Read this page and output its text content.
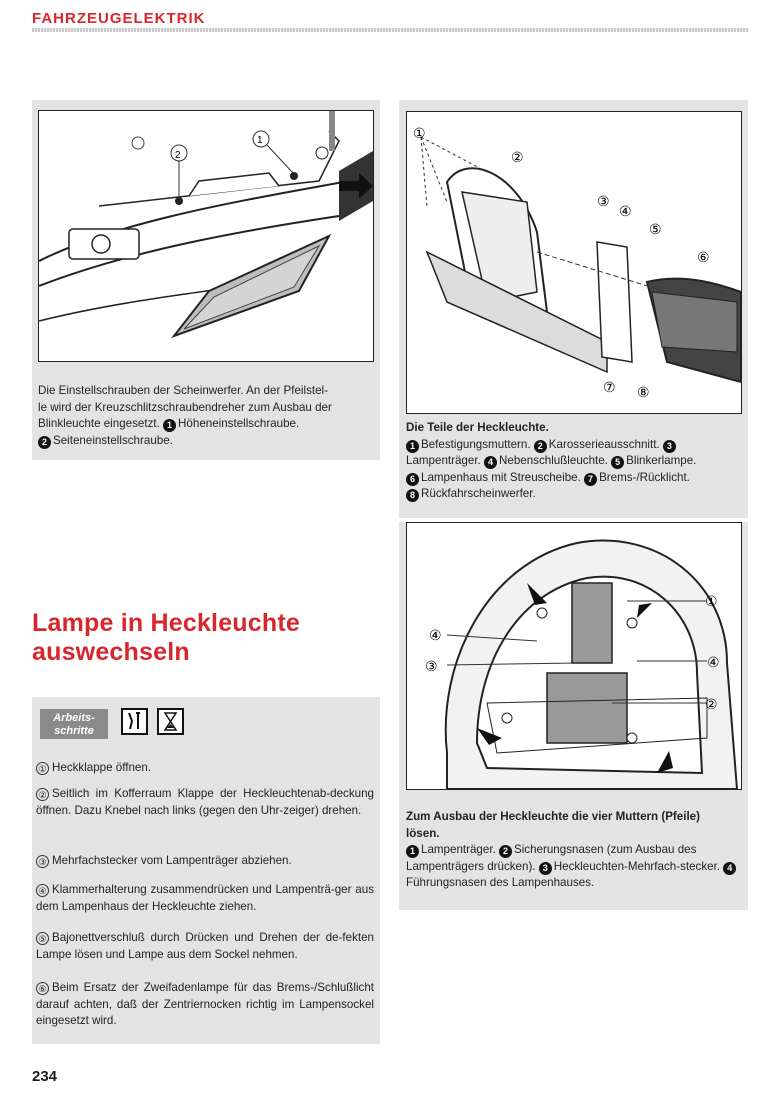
FAHRZEUGELEKTRIK
2
1
Die Einstellschrauben der Scheinwerfer. An der Pfeilstel-
le wird der Kreuzschlitzschraubendreher zum Ausbau der
Blinkleuchte eingesetzt. 1 Höheneinstellschraube.
2 Seiteneinstellschraube.
①
②
③
④
⑤
⑥
⑦ ⑧
Die Teile der Heckleuchte.
1 Befestigungsmuttern. 2 Karosserieausschnitt. 3Lampenträger. 4 Nebenschlußleuchte. 5 Blinkerlampe.
6 Lampenhaus mit Streuscheibe. 7 Brems-/Rücklicht.
8 Rückfahrscheinwerfer.
①
②
③
④
④
Zum Ausbau der Heckleuchte die vier Muttern (Pfeile)
lösen.
1 Lampenträger. 2 Sicherungsnasen (zum Ausbau des Lampenträgers drücken). 3 Heckleuchten-Mehrfach-stecker. 4Führungsnasen des Lampenhauses.
Lampe in Heckleuchte
auswechseln
Arbeits-
schritte
① Heckklappe öffnen.
② Seitlich im Kofferraum Klappe der Heckleuchtenab-deckung öffnen. Dazu Knebel nach links (gegen den Uhr-zeiger) drehen.
③ Mehrfachstecker vom Lampenträger abziehen.
④ Klammerhalterung zusammendrücken und Lampenträ-ger aus dem Lampenhaus der Heckleuchte ziehen.
⑤ Bajonettverschluß durch Drücken und Drehen der de-fekten Lampe lösen und Lampe aus dem Sockel nehmen.
⑥ Beim Ersatz der Zweifadenlampe für das Brems-/Schlußlicht darauf achten, daß der Zentriernocken richtig im Lampensockel eingesetzt wird.
234
